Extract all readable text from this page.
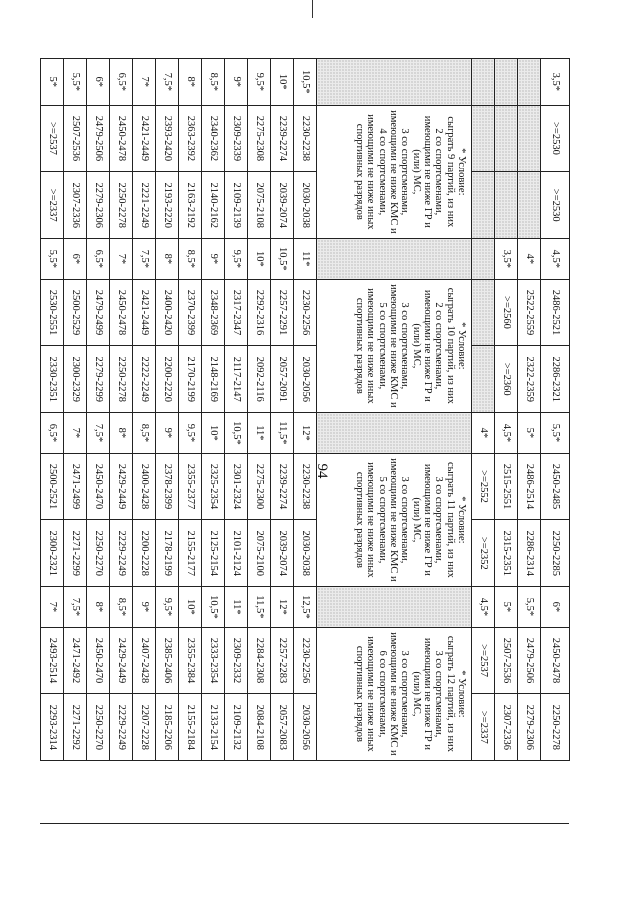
94
3,5*	>=2530	>=2530	4,5*	2486-2521	2286-2321	5,5*	2450-2485	2250-2285	6*	2450-2478	2250-2278	
			4*	2522-2559	2322-2359	5*	2486-2514	2286-2314	5,5*	2479-2506	2279-2306	
			3,5*	>=2560	>=2360	4,5*	2515-2551	2315-2351	5*	2507-2536	2307-2336	
						4*	>=2552	>=2352	4,5*	>=2537	>=2337	

	* Условие:
сыграть 9 партий, из них
2 со спортсменами, имеющими не ниже ГР и (или) МС,
3 со спортсменами, имеющими не ниже КМС и
4 со спортсменами, имеющими не ниже иных спортивных разрядов			* Условие:
сыграть 10 партий, из них
2 со спортсменами, имеющими не ниже ГР и (или) МС,
3 со спортсменами, имеющими не ниже КМС и
5 со спортсменами, имеющими не ниже иных спортивных разрядов			* Условие:
сыграть 11 партий, из них
3 со спортсменами, имеющими не ниже ГР и (или) МС,
3 со спортсменами, имеющими не ниже КМС и
5 со спортсменами, имеющими не ниже иных спортивных разрядов			* Условие:
сыграть 12 партий, из них
3 со спортсменами, имеющими не ниже ГР и (или) МС,
3 со спортсменами, имеющими не ниже КМС и
6 со спортсменами, имеющими не ниже иных спортивных разрядов		

10,5*	2230-2238	2030-2038	11*	2230-2256	2030-2056	12*	2230-2238	2030-2038	12,5*	2230-2256	2030-2056	
10*	2239-2274	2039-2074	10,5*	2257-2291	2057-2091	11,5*	2239-2274	2039-2074	12*	2257-2283	2057-2083	
9,5*	2275-2308	2075-2108	10*	2292-2316	2092-2116	11*	2275-2300	2075-2100	11,5*	2284-2308	2084-2108	
9*	2309-2339	2109-2139	9,5*	2317-2347	2117-2147	10,5*	2301-2324	2101-2124	11*	2309-2332	2109-2132	
8,5*	2340-2362	2140-2162	9*	2348-2369	2148-2169	10*	2325-2354	2125-2154	10,5*	2333-2354	2133-2154	
8*	2363-2392	2163-2192	8,5*	2370-2399	2170-2199	9,5*	2355-2377	2155-2177	10*	2355-2384	2155-2184	
7,5*	2393-2420	2193-2220	8*	2400-2420	2200-2220	9*	2378-2399	2178-2199	9,5*	2385-2406	2185-2206	
7*	2421-2449	2221-2249	7,5*	2421-2449	2222-2249	8,5*	2400-2428	2200-2228	9*	2407-2428	2207-2228	
6,5*	2450-2478	2250-2278	7*	2450-2478	2250-2278	8*	2429-2449	2229-2249	8,5*	2429-2449	2229-2249	
6*	2479-2506	2279-2306	6,5*	2479-2499	2279-2299	7,5*	2450-2470	2250-2270	8*	2450-2470	2250-2270	
5,5*	2507-2536	2307-2336	6*	2500-2529	2300-2329	7*	2471-2499	2271-2299	7,5*	2471-2492	2271-2292	
5*	>=2537	>=2337	5,5*	2530-2551	2330-2351	6,5*	2500-2521	2300-2321	7*	2493-2514	2293-2314	
